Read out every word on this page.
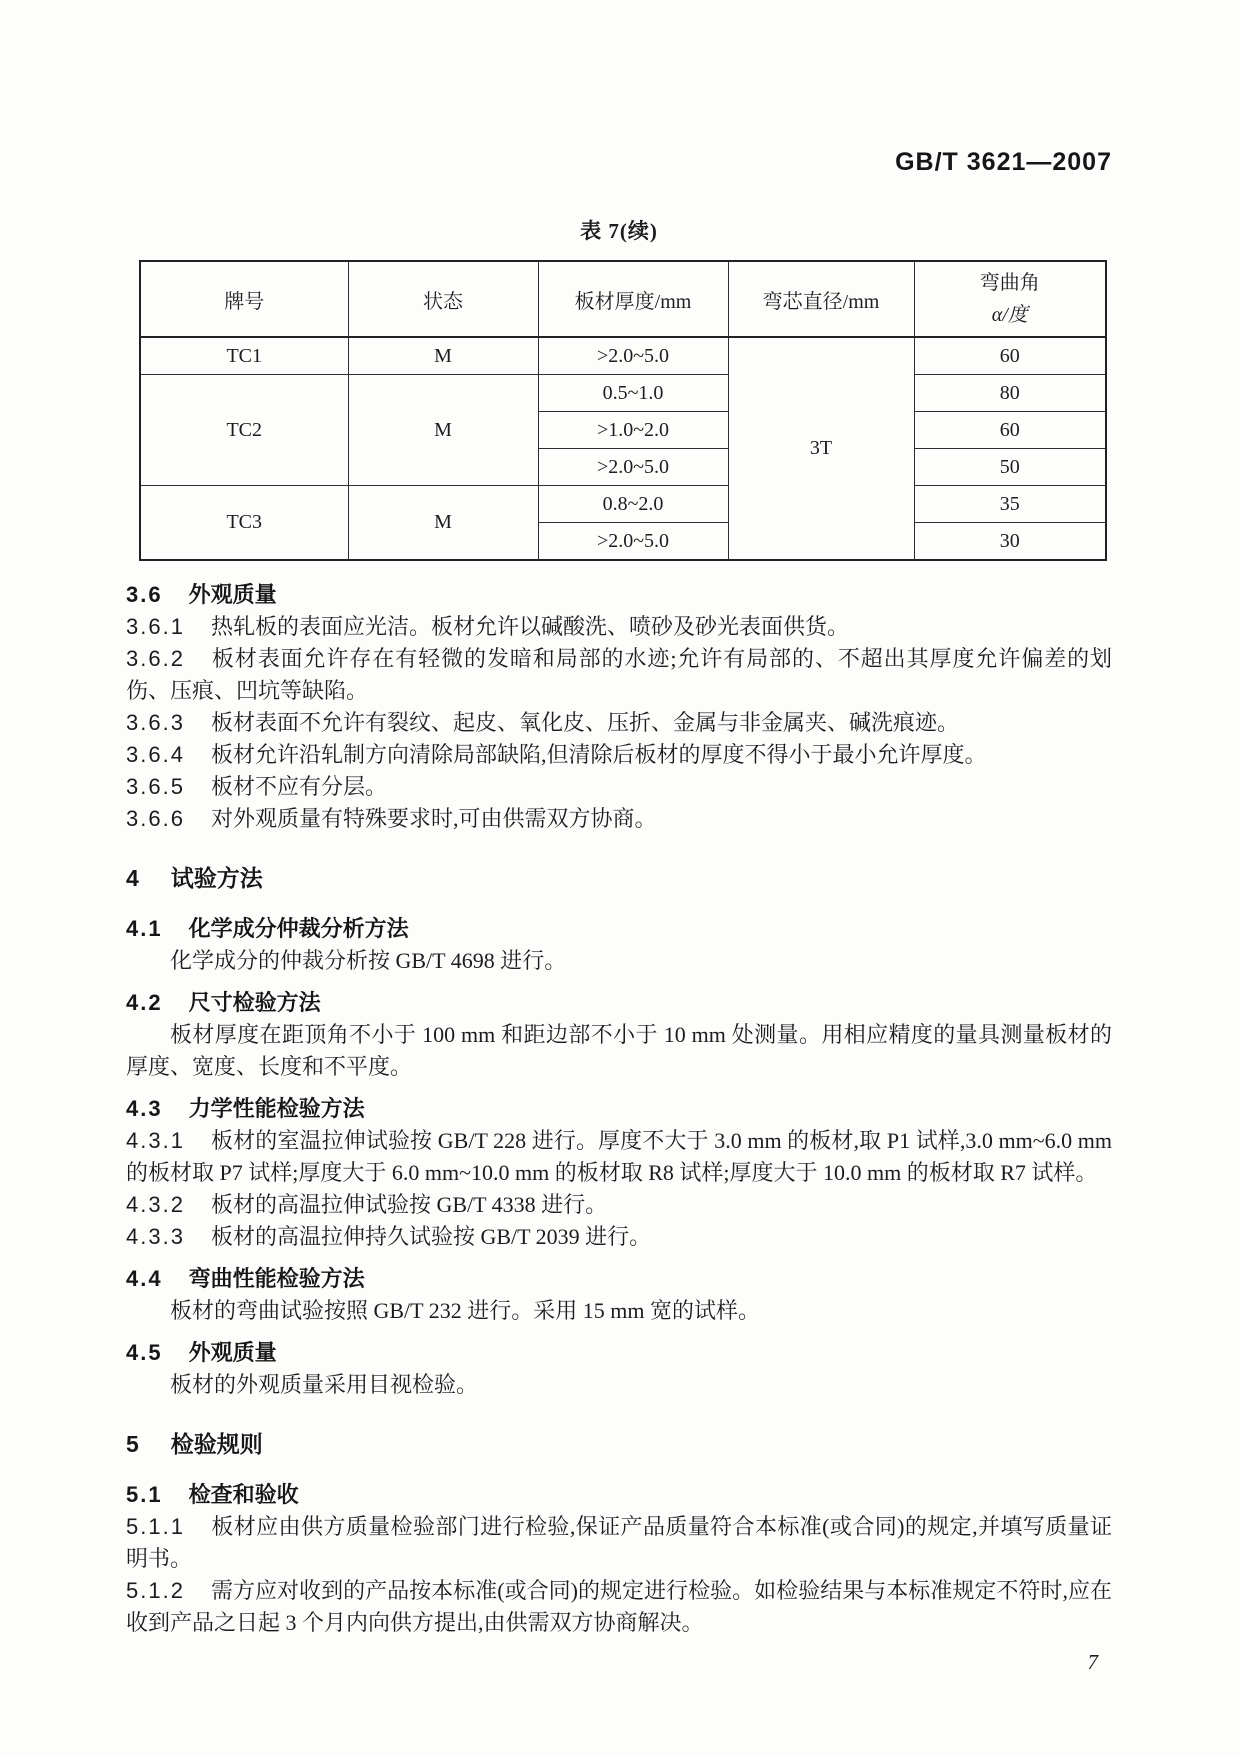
GB/T 3621—2007
表 7(续)
牌号	状态	板材厚度/mm	弯芯直径/mm	弯曲角
α/度

TC1	M	>2.0~5.0	3T	60
TC2	M	0.5~1.0		80
		>1.0~2.0		60
		>2.0~5.0		50
TC3	M	0.8~2.0		35
		>2.0~5.0		30

3.6 外观质量

3.6.1 热轧板的表面应光洁。板材允许以碱酸洗、喷砂及砂光表面供货。

3.6.2 板材表面允许存在有轻微的发暗和局部的水迹;允许有局部的、不超出其厚度允许偏差的划伤、压痕、凹坑等缺陷。

3.6.3 板材表面不允许有裂纹、起皮、氧化皮、压折、金属与非金属夹、碱洗痕迹。

3.6.4 板材允许沿轧制方向清除局部缺陷,但清除后板材的厚度不得小于最小允许厚度。

3.6.5 板材不应有分层。

3.6.6 对外观质量有特殊要求时,可由供需双方协商。

4 试验方法

4.1 化学成分仲裁分析方法

化学成分的仲裁分析按 GB/T 4698 进行。

4.2 尺寸检验方法

板材厚度在距顶角不小于 100 mm 和距边部不小于 10 mm 处测量。用相应精度的量具测量板材的厚度、宽度、长度和不平度。

4.3 力学性能检验方法

4.3.1 板材的室温拉伸试验按 GB/T 228 进行。厚度不大于 3.0 mm 的板材,取 P1 试样,3.0 mm~6.0 mm 的板材取 P7 试样;厚度大于 6.0 mm~10.0 mm 的板材取 R8 试样;厚度大于 10.0 mm 的板材取 R7 试样。

4.3.2 板材的高温拉伸试验按 GB/T 4338 进行。

4.3.3 板材的高温拉伸持久试验按 GB/T 2039 进行。

4.4 弯曲性能检验方法

板材的弯曲试验按照 GB/T 232 进行。采用 15 mm 宽的试样。

4.5 外观质量

板材的外观质量采用目视检验。

5 检验规则

5.1 检查和验收

5.1.1 板材应由供方质量检验部门进行检验,保证产品质量符合本标准(或合同)的规定,并填写质量证明书。

5.1.2 需方应对收到的产品按本标准(或合同)的规定进行检验。如检验结果与本标准规定不符时,应在收到产品之日起 3 个月内向供方提出,由供需双方协商解决。

7
